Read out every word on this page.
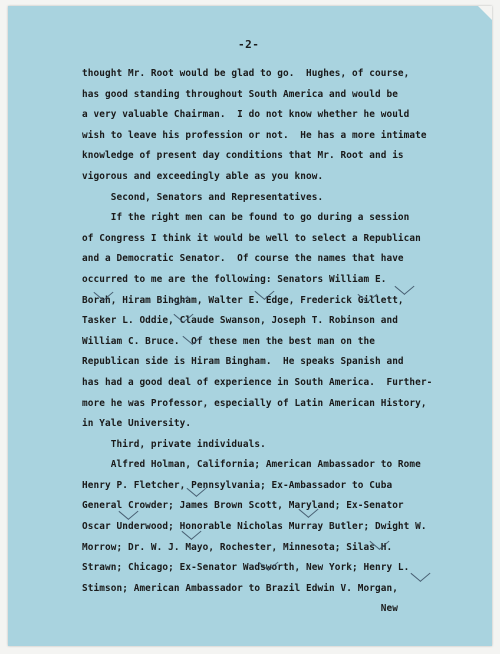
-2-
thought Mr. Root would be glad to go.  Hughes, of course,
has good standing throughout South America and would be
a very valuable Chairman.  I do not know whether he would
wish to leave his profession or not.  He has a more intimate
knowledge of present day conditions that Mr. Root and is
vigorous and exceedingly able as you know.
Second, Senators and Representatives.
If the right men can be found to go during a session
of Congress I think it would be well to select a Republican
and a Democratic Senator.  Of course the names that have
occurred to me are the following: Senators William E.
Borah, Hiram Bingham, Walter E. Edge, Frederick Gillett,
Tasker L. Oddie, Claude Swanson, Joseph T. Robinson and
William C. Bruce.  Of these men the best man on the
Republican side is Hiram Bingham.  He speaks Spanish and
has had a good deal of experience in South America.  Further-
more he was Professor, especially of Latin American History,
in Yale University.
Third, private individuals.
Alfred Holman, California; American Ambassador to Rome
Henry P. Fletcher, Pennsylvania; Ex-Ambassador to Cuba
General Crowder; James Brown Scott, Maryland; Ex-Senator
Oscar Underwood; Honorable Nicholas Murray Butler; Dwight W.
Morrow; Dr. W. J. Mayo, Rochester, Minnesota; Silas H.
Strawn; Chicago; Ex-Senator Wadsworth, New York; Henry L.
Stimson; American Ambassador to Brazil Edwin V. Morgan,
New
